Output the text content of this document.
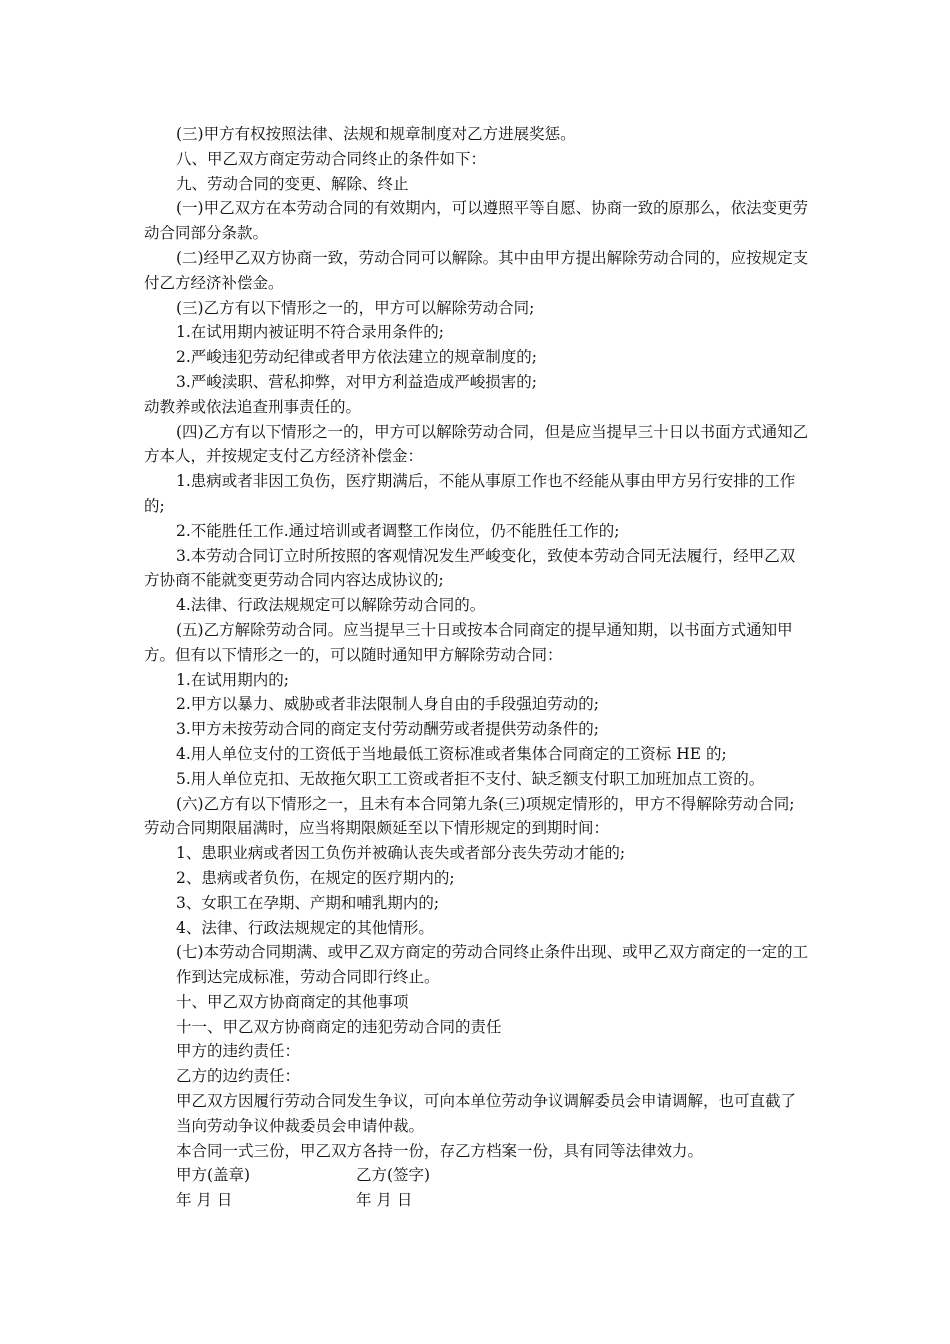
(三)甲方有权按照法律、法规和规章制度对乙方进展奖惩。

八、甲乙双方商定劳动合同终止的条件如下：

九、劳动合同的变更、解除、终止

(一)甲乙双方在本劳动合同的有效期内，可以遵照平等自愿、协商一致的原那么，依法变更劳动合同部分条款。

(二)经甲乙双方协商一致，劳动合同可以解除。其中由甲方提出解除劳动合同的，应按规定支付乙方经济补偿金。

(三)乙方有以下情形之一的，甲方可以解除劳动合同;

1.在试用期内被证明不符合录用条件的;

2.严峻违犯劳动纪律或者甲方依法建立的规章制度的;

3.严峻渎职、营私抑弊，对甲方利益造成严峻损害的;

动教养或依法追查刑事责任的。

(四)乙方有以下情形之一的，甲方可以解除劳动合同，但是应当提早三十日以书面方式通知乙方本人，并按规定支付乙方经济补偿金：

1.患病或者非因工负伤，医疗期满后，不能从事原工作也不经能从事由甲方另行安排的工作的;

2.不能胜任工作.通过培训或者调整工作岗位，仍不能胜任工作的;

3.本劳动合同订立时所按照的客观情况发生严峻变化，致使本劳动合同无法履行，经甲乙双方协商不能就变更劳动合同内容达成协议的;

4.法律、行政法规规定可以解除劳动合同的。

(五)乙方解除劳动合同。应当提早三十日或按本合同商定的提早通知期，以书面方式通知甲方。但有以下情形之一的，可以随时通知甲方解除劳动合同：

1.在试用期内的;

2.甲方以暴力、威胁或者非法限制人身自由的手段强迫劳动的;

3.甲方未按劳动合同的商定支付劳动酬劳或者提供劳动条件的;

4.用人单位支付的工资低于当地最低工资标准或者集体合同商定的工资标 HE 的;

5.用人单位克扣、无故拖欠职工工资或者拒不支付、缺乏额支付职工加班加点工资的。

(六)乙方有以下情形之一，且未有本合同第九条(三)项规定情形的，甲方不得解除劳动合同;劳动合同期限届满时，应当将期限颇延至以下情形规定的到期时间：

1、患职业病或者因工负伤并被确认丧失或者部分丧失劳动才能的;

2、患病或者负伤，在规定的医疗期内的;

3、女职工在孕期、产期和哺乳期内的;

4、法律、行政法规规定的其他情形。

(七)本劳动合同期满、或甲乙双方商定的劳动合同终止条件出现、或甲乙双方商定的一定的工作到达完成标准，劳动合同即行终止。

十、甲乙双方协商商定的其他事项

十一、甲乙双方协商商定的违犯劳动合同的责任

甲方的违约责任：

乙方的边约责任：

甲乙双方因履行劳动合同发生争议，可向本单位劳动争议调解委员会申请调解，也可直截了当向劳动争议仲裁委员会申请仲裁。

本合同一式三份，甲乙双方各持一份，存乙方档案一份，具有同等法律效力。

甲方(盖章)	乙方(签字)
年 月 日	年 月 日
